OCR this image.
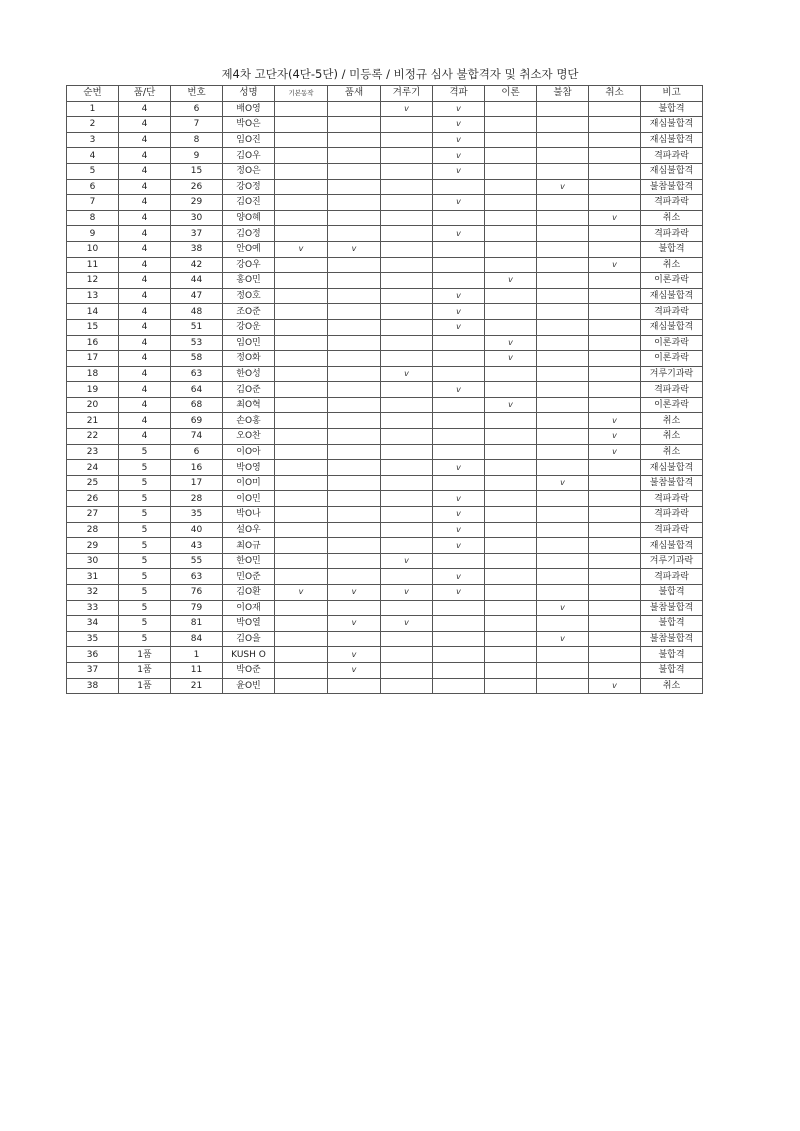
제4차 고단자(4단-5단) / 미등록 / 비정규 심사 불합격자 및 취소자 명단
순번	품/단	번호	성명	기본동작	품새	겨루기	격파	이론	불참	취소	비고
1	4	6	배O영			v	v				불합격
2	4	7	박O은				v				재심불합격
3	4	8	임O진				v				재심불합격
4	4	9	김O우				v				격파과락
5	4	15	정O은				v				재심불합격
6	4	26	강O정						v		불참불합격
7	4	29	김O진				v				격파과락
8	4	30	양O혜							v	취소
9	4	37	김O정				v				격파과락
10	4	38	안O예	v	v						불합격
11	4	42	강O우							v	취소
12	4	44	홍O민					v			이론과락
13	4	47	정O호				v				재심불합격
14	4	48	조O준				v				격파과락
15	4	51	강O운				v				재심불합격
16	4	53	임O민					v			이론과락
17	4	58	정O화					v			이론과락
18	4	63	한O성			v					겨루기과락
19	4	64	김O준				v				격파과락
20	4	68	최O혁					v			이론과락
21	4	69	손O홍							v	취소
22	4	74	오O찬							v	취소
23	5	6	이O아							v	취소
24	5	16	박O영				v				재심불합격
25	5	17	이O미						v		불참불합격
26	5	28	이O민				v				격파과락
27	5	35	박O나				v				격파과락
28	5	40	설O우				v				격파과락
29	5	43	최O규				v				재심불합격
30	5	55	한O민			v					겨루기과락
31	5	63	민O준				v				격파과락
32	5	76	김O환	v	v	v	v				불합격
33	5	79	이O재						v		불참불합격
34	5	81	박O열		v	v					불합격
35	5	84	김O을						v		불참불합격
36	1품	1	KUSH O		v						불합격
37	1품	11	박O준		v						불합격
38	1품	21	윤O빈							v	취소
